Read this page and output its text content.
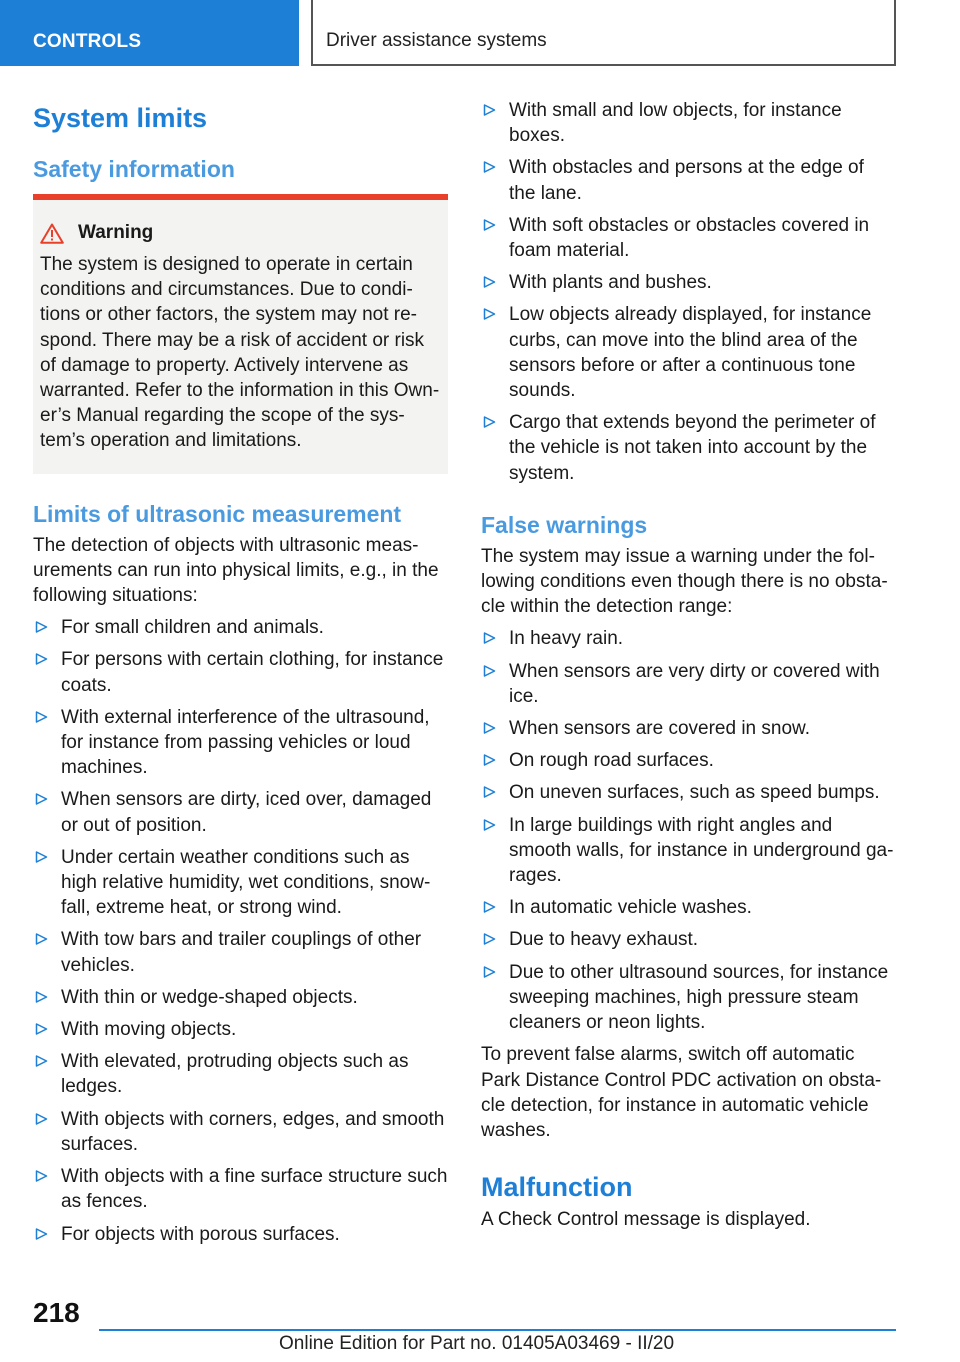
CONTROLS	Driver assistance systems
System limits
Safety information
Warning

The system is designed to operate in certain conditions and circumstances. Due to conditions or other factors, the system may not respond. There may be a risk of accident or risk of damage to property. Actively intervene as warranted. Refer to the information in this Owner’s Manual regarding the scope of the system’s operation and limitations.

Limits of ultrasonic measurement

The detection of objects with ultrasonic measurements can run into physical limits, e.g., in the following situations:

For small children and animals.
For persons with certain clothing, for instance coats.
With external interference of the ultrasound, for instance from passing vehicles or loud machines.
When sensors are dirty, iced over, damaged or out of position.
Under certain weather conditions such as high relative humidity, wet conditions, snowfall, extreme heat, or strong wind.
With tow bars and trailer couplings of other vehicles.
With thin or wedge-shaped objects.
With moving objects.
With elevated, protruding objects such as ledges.
With objects with corners, edges, and smooth surfaces.
With objects with a fine surface structure such as fences.
For objects with porous surfaces.
With small and low objects, for instance boxes.
With obstacles and persons at the edge of the lane.
With soft obstacles or obstacles covered in foam material.
With plants and bushes.
Low objects already displayed, for instance curbs, can move into the blind area of the sensors before or after a continuous tone sounds.
Cargo that extends beyond the perimeter of the vehicle is not taken into account by the system.
False warnings

The system may issue a warning under the following conditions even though there is no obstacle within the detection range:

In heavy rain.
When sensors are very dirty or covered with ice.
When sensors are covered in snow.
On rough road surfaces.
On uneven surfaces, such as speed bumps.
In large buildings with right angles and smooth walls, for instance in underground garages.
In automatic vehicle washes.
Due to heavy exhaust.
Due to other ultrasound sources, for instance sweeping machines, high pressure steam cleaners or neon lights.

To prevent false alarms, switch off automatic Park Distance Control PDC activation on obstacle detection, for instance in automatic vehicle washes.

Malfunction

A Check Control message is displayed.

218
Online Edition for Part no. 01405A03469 - II/20
